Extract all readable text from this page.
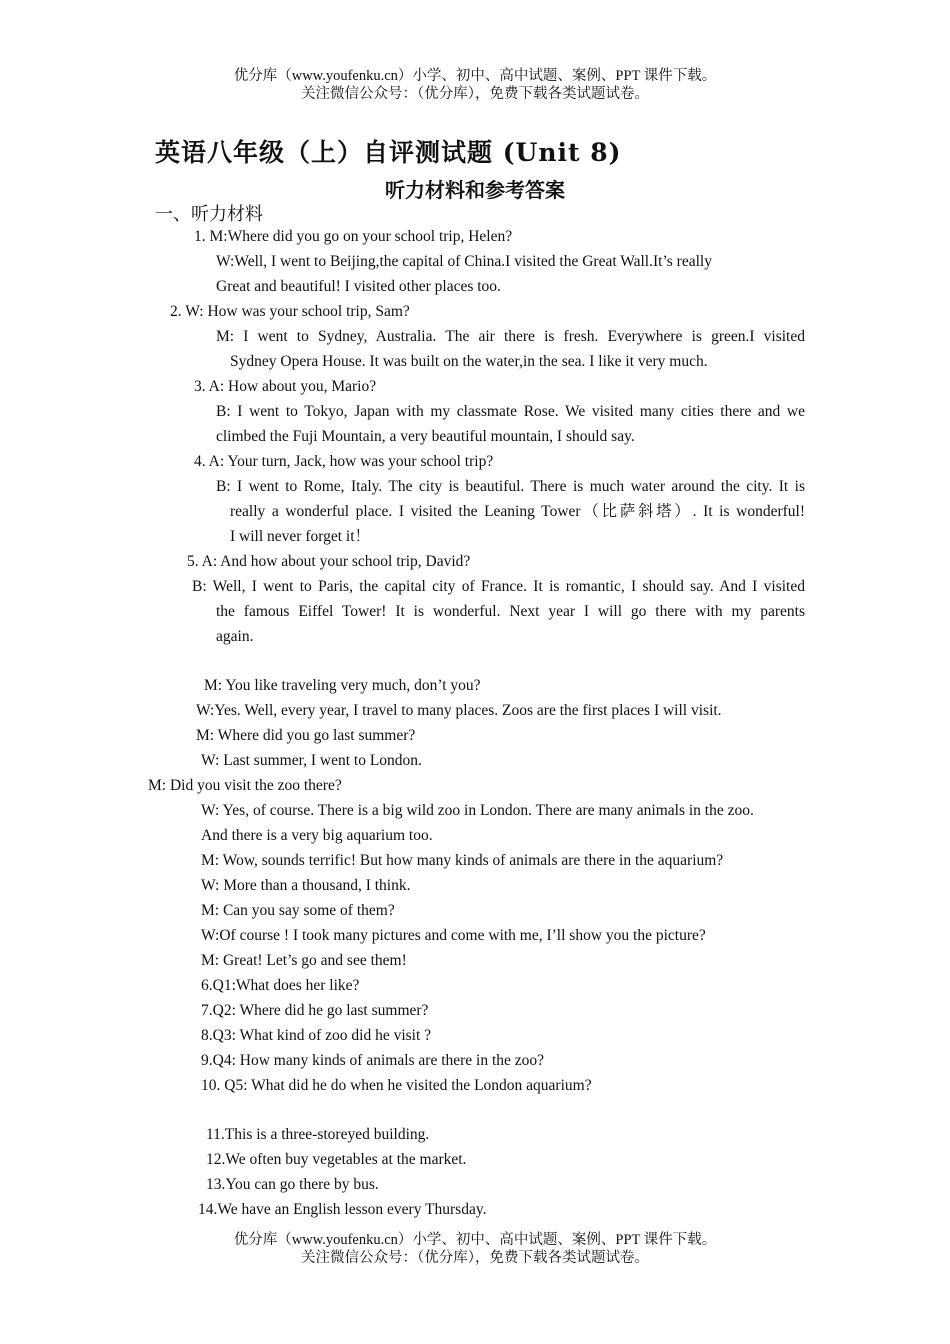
优分库（www.youfenku.cn）小学、初中、高中试题、案例、PPT 课件下载。
关注微信公众号：（优分库），免费下载各类试题试卷。
英语八年级（上）自评测试题 (Unit 8)
听力材料和参考答案
一、听力材料
1. M:Where did you go on your school trip, Helen?
W:Well, I went to Beijing,the capital of China.I visited the Great Wall.It’s really
Great and beautiful! I visited other places too.
2. W: How was your school trip, Sam?
M: I went to Sydney, Australia. The air there is fresh. Everywhere is green.I visited
Sydney Opera House. It was built on the water,in the sea. I like it very much.
3. A: How about you, Mario?
B: I went to Tokyo, Japan with my classmate Rose. We visited many cities there and we
climbed the Fuji Mountain, a very beautiful mountain, I should say.
4. A: Your turn, Jack, how was your school trip?
B: I went to Rome, Italy. The city is beautiful. There is much water around the city. It is
really a wonderful place. I visited the Leaning Tower（比萨斜塔）. It is wonderful!
I will never forget it！
5. A: And how about your school trip, David?
B: Well, I went to Paris, the capital city of France. It is romantic, I should say. And I visited
the famous Eiffel Tower! It is wonderful. Next year I will go there with my parents
again.
M: You like traveling very much, don’t you?
W:Yes. Well, every year, I travel to many places. Zoos are the first places I will visit.
M: Where did you go last summer?
W: Last summer, I went to London.
M: Did you visit the zoo there?
W: Yes, of course. There is a big wild zoo in London. There are many animals in the zoo.
And there is a very big aquarium too.
M: Wow, sounds terrific! But how many kinds of animals are there in the aquarium?
W: More than a thousand, I think.
M: Can you say some of them?
W:Of course ! I took many pictures and come with me, I’ll show you the picture?
M: Great! Let’s go and see them!
6.Q1:What does her like?
7.Q2: Where did he go last summer?
8.Q3: What kind of zoo did he visit ?
9.Q4: How many kinds of animals are there in the zoo?
10. Q5: What did he do when he visited the London aquarium?
11.This is a three-storeyed building.
12.We often buy vegetables at the market.
13.You can go there by bus.
14.We have an English lesson every Thursday.
优分库（www.youfenku.cn）小学、初中、高中试题、案例、PPT 课件下载。
关注微信公众号：（优分库），免费下载各类试题试卷。
